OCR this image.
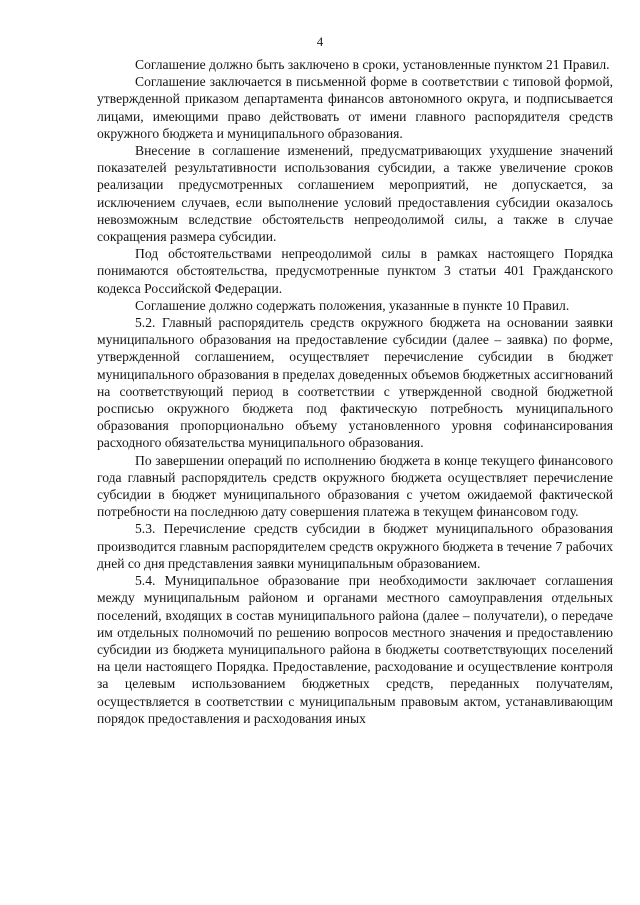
4

Соглашение должно быть заключено в сроки, установленные пунктом 21 Правил.

Соглашение заключается в письменной форме в соответствии с типовой формой, утвержденной приказом департамента финансов автономного округа, и подписывается лицами, имеющими право действовать от имени главного распорядителя средств окружного бюджета и муниципального образования.

Внесение в соглашение изменений, предусматривающих ухудшение значений показателей результативности использования субсидии, а также увеличение сроков реализации предусмотренных соглашением мероприятий, не допускается, за исключением случаев, если выполнение условий предоставления субсидии оказалось невозможным вследствие обстоятельств непреодолимой силы, а также в случае сокращения размера субсидии.

Под обстоятельствами непреодолимой силы в рамках настоящего Порядка понимаются обстоятельства, предусмотренные пунктом 3 статьи 401 Гражданского кодекса Российской Федерации.

Соглашение должно содержать положения, указанные в пункте 10 Правил.

5.2. Главный распорядитель средств окружного бюджета на основании заявки муниципального образования на предоставление субсидии (далее – заявка) по форме, утвержденной соглашением, осуществляет перечисление субсидии в бюджет муниципального образования в пределах доведенных объемов бюджетных ассигнований на соответствующий период в соответствии с утвержденной сводной бюджетной росписью окружного бюджета под фактическую потребность муниципального образования пропорционально объему установленного уровня софинансирования расходного обязательства муниципального образования.

По завершении операций по исполнению бюджета в конце текущего финансового года главный распорядитель средств окружного бюджета осуществляет перечисление субсидии в бюджет муниципального образования с учетом ожидаемой фактической потребности на последнюю дату совершения платежа в текущем финансовом году.

5.3. Перечисление средств субсидии в бюджет муниципального образования производится главным распорядителем средств окружного бюджета в течение 7 рабочих дней со дня представления заявки муниципальным образованием.

5.4. Муниципальное образование при необходимости заключает соглашения между муниципальным районом и органами местного самоуправления отдельных поселений, входящих в состав муниципального района (далее – получатели), о передаче им отдельных полномочий по решению вопросов местного значения и предоставлению субсидии из бюджета муниципального района в бюджеты соответствующих поселений на цели настоящего Порядка. Предоставление, расходование и осуществление контроля за целевым использованием бюджетных средств, переданных получателям, осуществляется в соответствии с муниципальным правовым актом, устанавливающим порядок предоставления и расходования иных
